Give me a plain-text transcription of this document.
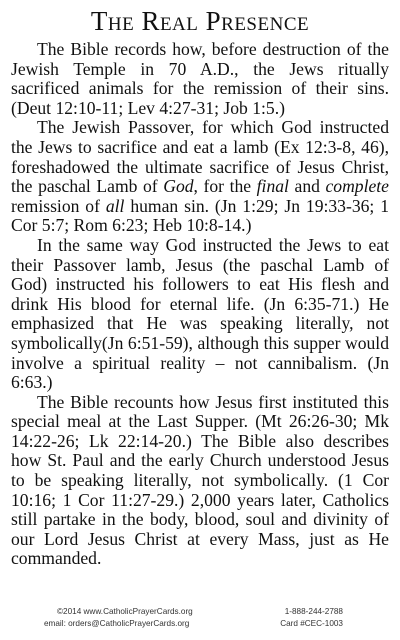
The Real Presence

The Bible records how, before destruction of the Jewish Temple in 70 A.D., the Jews ritually sacrificed animals for the remission of their sins. (Deut 12:10-11; Lev 4:27-31; Job 1:5.)

The Jewish Passover, for which God instructed the Jews to sacrifice and eat a lamb (Ex 12:3-8, 46), foreshadowed the ultimate sacrifice of Jesus Christ, the paschal Lamb of God, for the final and complete remission of all human sin. (Jn 1:29; Jn 19:33-36; 1 Cor 5:7; Rom 6:23; Heb 10:8-14.)

In the same way God instructed the Jews to eat their Passover lamb, Jesus (the paschal Lamb of God) instructed his followers to eat His flesh and drink His blood for eternal life. (Jn 6:35-71.) He emphasized that He was speaking literally, not symbolically(Jn 6:51-59), although this supper would involve a spiritual reality – not cannibalism. (Jn 6:63.)

The Bible recounts how Jesus first instituted this special meal at the Last Supper. (Mt 26:26-30; Mk 14:22-26; Lk 22:14-20.) The Bible also describes how St. Paul and the early Church understood Jesus to be speaking literally, not symbolically. (1 Cor 10:16; 1 Cor 11:27-29.) 2,000 years later, Catholics still partake in the body, blood, soul and divinity of our Lord Jesus Christ at every Mass, just as He commanded.

©2014 www.CatholicPrayerCards.org	1-888-244-2788
email: orders@CatholicPrayerCards.org	Card #CEC-1003
